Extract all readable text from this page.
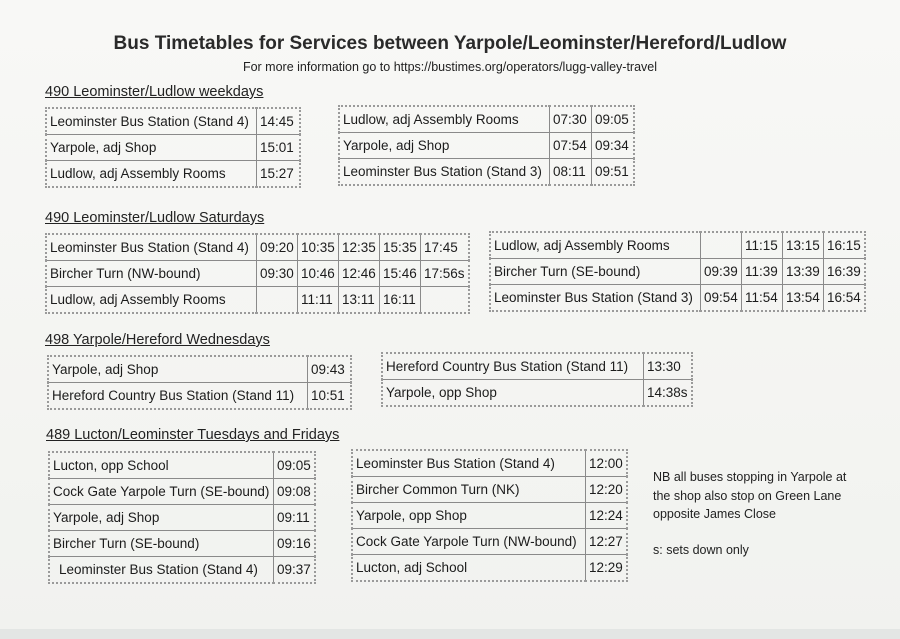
Bus Timetables for Services between Yarpole/Leominster/Hereford/Ludlow
For more information go to https://bustimes.org/operators/lugg-valley-travel
490 Leominster/Ludlow weekdays
Leominster Bus Station (Stand 4)	14:45
Yarpole, adj Shop	15:01
Ludlow, adj Assembly Rooms	15:27
Ludlow, adj Assembly Rooms	07:30	09:05
Yarpole, adj Shop	07:54	09:34
Leominster Bus Station (Stand 3)	08:11	09:51
490 Leominster/Ludlow Saturdays
Leominster Bus Station (Stand 4)	09:20	10:35	12:35	15:35	17:45
Bircher Turn (NW-bound)	09:30	10:46	12:46	15:46	17:56s
Ludlow, adj Assembly Rooms		11:11	13:11	16:11	
Ludlow, adj Assembly Rooms		11:15	13:15	16:15
Bircher Turn (SE-bound)	09:39	11:39	13:39	16:39
Leominster Bus Station (Stand 3)	09:54	11:54	13:54	16:54
498 Yarpole/Hereford Wednesdays
Yarpole, adj Shop	09:43
Hereford Country Bus Station (Stand 11)	10:51
Hereford Country Bus Station (Stand 11)	13:30
Yarpole, opp Shop	14:38s
489 Lucton/Leominster Tuesdays and Fridays
Lucton, opp School	09:05
Cock Gate Yarpole Turn (SE-bound)	09:08
Yarpole, adj Shop	09:11
Bircher Turn (SE-bound)	09:16
Leominster Bus Station (Stand 4)	09:37
Leominster Bus Station (Stand 4)	12:00
Bircher Common Turn (NK)	12:20
Yarpole, opp Shop	12:24
Cock Gate Yarpole Turn (NW-bound)	12:27
Lucton, adj School	12:29
NB all buses stopping in Yarpole at
the shop also stop on Green Lane
opposite James Close
s: sets down only
